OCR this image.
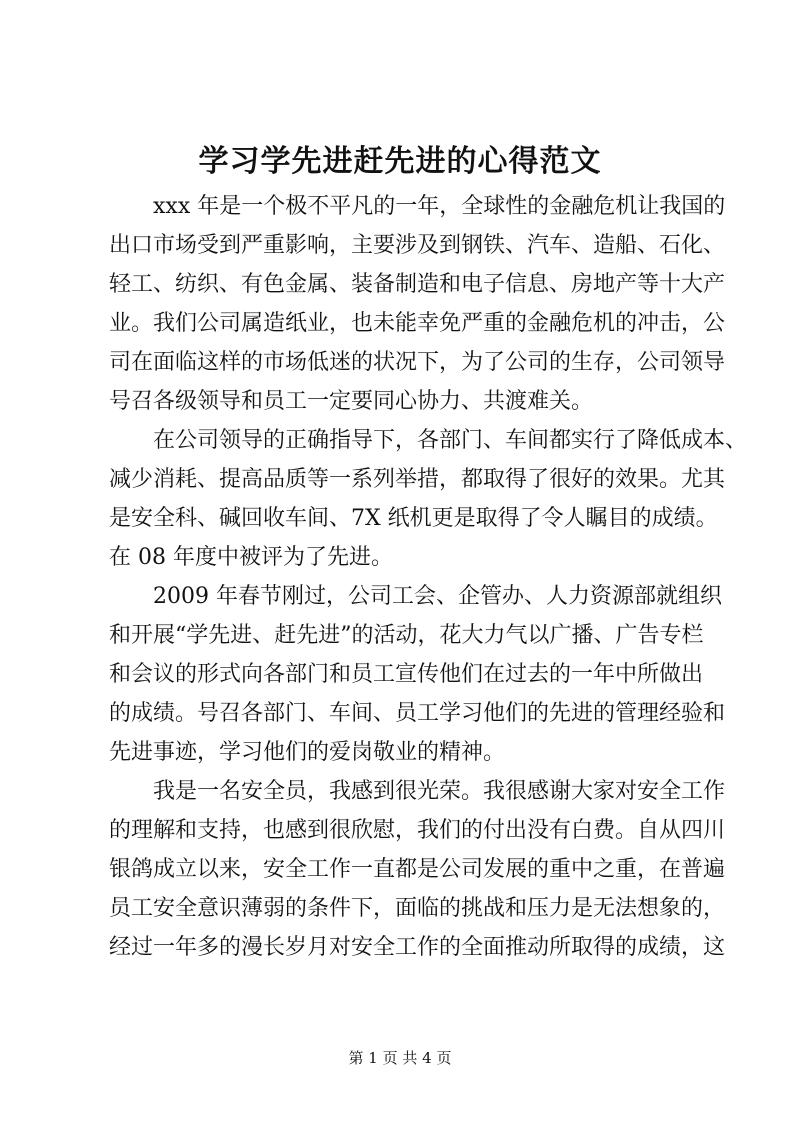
学习学先进赶先进的心得范文
xxx 年是一个极不平凡的一年，全球性的金融危机让我国的
出口市场受到严重影响，主要涉及到钢铁、汽车、造船、石化、
轻工、纺织、有色金属、装备制造和电子信息、房地产等十大产
业。我们公司属造纸业，也未能幸免严重的金融危机的冲击，公
司在面临这样的市场低迷的状况下，为了公司的生存，公司领导
号召各级领导和员工一定要同心协力、共渡难关。
在公司领导的正确指导下，各部门、车间都实行了降低成本、
减少消耗、提高品质等一系列举措，都取得了很好的效果。尤其
是安全科、碱回收车间、7X 纸机更是取得了令人瞩目的成绩。
在 08 年度中被评为了先进。
2009 年春节刚过，公司工会、企管办、人力资源部就组织
和开展“学先进、赶先进”的活动，花大力气以广播、广告专栏
和会议的形式向各部门和员工宣传他们在过去的一年中所做出
的成绩。号召各部门、车间、员工学习他们的先进的管理经验和
先进事迹，学习他们的爱岗敬业的精神。
我是一名安全员，我感到很光荣。我很感谢大家对安全工作
的理解和支持，也感到很欣慰，我们的付出没有白费。自从四川
银鸽成立以来，安全工作一直都是公司发展的重中之重，在普遍
员工安全意识薄弱的条件下，面临的挑战和压力是无法想象的，
经过一年多的漫长岁月对安全工作的全面推动所取得的成绩，这
第 1 页 共 4 页
